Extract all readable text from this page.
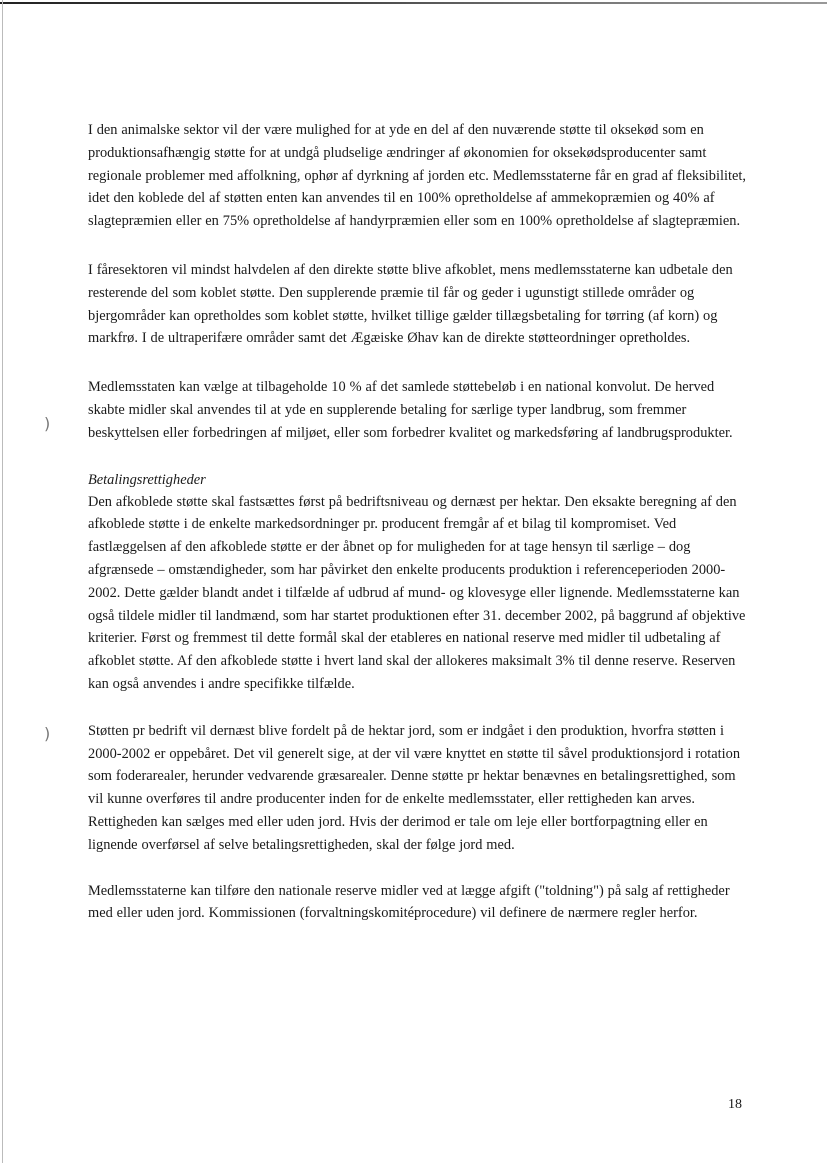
)
)

I den animalske sektor vil der være mulighed for at yde en del af den nuværende støtte til oksekød som en produktionsafhængig støtte for at undgå pludselige ændringer af økonomien for oksekødsproducenter samt regionale problemer med affolkning, ophør af dyrkning af jorden etc. Medlemsstaterne får en grad af fleksibilitet, idet den koblede del af støtten enten kan anvendes til en 100% opretholdelse af ammekopræmien og 40% af slagtepræmien eller en 75% opretholdelse af handyrpræmien eller som en 100% opretholdelse af slagtepræmien.

I fåresektoren vil mindst halvdelen af den direkte støtte blive afkoblet, mens medlemsstaterne kan udbetale den resterende del som koblet støtte. Den supplerende præmie til får og geder i ugunstigt stillede områder og bjergområder kan opretholdes som koblet støtte, hvilket tillige gælder tillægsbetaling for tørring (af korn) og markfrø. I de ultraperifære områder samt det Ægæiske Øhav kan de direkte støtteordninger opretholdes.

Medlemsstaten kan vælge at tilbageholde 10 % af det samlede støttebeløb i en national konvolut. De herved skabte midler skal anvendes til at yde en supplerende betaling for særlige typer landbrug, som fremmer beskyttelsen eller forbedringen af miljøet, eller som forbedrer kvalitet og markedsføring af landbrugsprodukter.

Betalingsrettigheder

Den afkoblede støtte skal fastsættes først på bedriftsniveau og dernæst per hektar. Den eksakte beregning af den afkoblede støtte i de enkelte markedsordninger pr. producent fremgår af et bilag til kompromiset. Ved fastlæggelsen af den afkoblede støtte er der åbnet op for muligheden for at tage hensyn til særlige – dog afgrænsede – omstændigheder, som har påvirket den enkelte producents produktion i referenceperioden 2000-2002. Dette gælder blandt andet i tilfælde af udbrud af mund- og klovesyge eller lignende. Medlemsstaterne kan også tildele midler til landmænd, som har startet produktionen efter 31. december 2002, på baggrund af objektive kriterier. Først og fremmest til dette formål skal der etableres en national reserve med midler til udbetaling af afkoblet støtte. Af den afkoblede støtte i hvert land skal der allokeres maksimalt 3% til denne reserve. Reserven kan også anvendes i andre specifikke tilfælde.

Støtten pr bedrift vil dernæst blive fordelt på de hektar jord, som er indgået i den produktion, hvorfra støtten i 2000-2002 er oppebåret. Det vil generelt sige, at der vil være knyttet en støtte til såvel produktionsjord i rotation som foderarealer, herunder vedvarende græsarealer. Denne støtte pr hektar benævnes en betalingsrettighed, som vil kunne overføres til andre producenter inden for de enkelte medlemsstater, eller rettigheden kan arves. Rettigheden kan sælges med eller uden jord. Hvis der derimod er tale om leje eller bortforpagtning eller en lignende overførsel af selve betalingsrettigheden, skal der følge jord med.

Medlemsstaterne kan tilføre den nationale reserve midler ved at lægge afgift ("toldning") på salg af rettigheder med eller uden jord. Kommissionen (forvaltningskomitéprocedure) vil definere de nærmere regler herfor.

18
